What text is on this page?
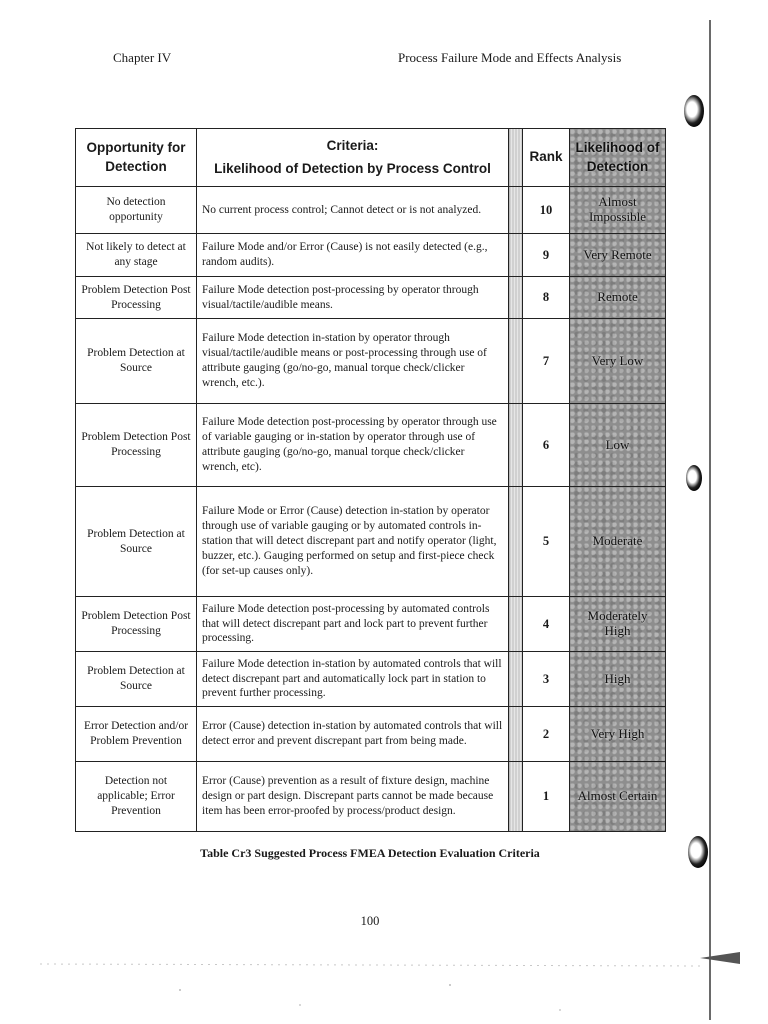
Chapter IV	Process Failure Mode and Effects Analysis
Opportunity for Detection	Criteria:
Likelihood of Detection by Process Control		Rank	Likelihood of Detection
No detection opportunity	No current process control; Cannot detect or is not analyzed.		10	Almost Impossible
Not likely to detect at any stage	Failure Mode and/or Error (Cause) is not easily detected (e.g., random audits).		9	Very Remote
Problem Detection Post Processing	Failure Mode detection post-processing by operator through visual/tactile/audible means.		8	Remote
Problem Detection at Source	Failure Mode detection in-station by operator through visual/tactile/audible means or post-processing through use of attribute gauging (go/no-go, manual torque check/clicker wrench, etc.).		7	Very Low
Problem Detection Post Processing	Failure Mode detection post-processing by operator through use of variable gauging or in-station by operator through use of attribute gauging (go/no-go, manual torque check/clicker wrench, etc).		6	Low
Problem Detection at Source	Failure Mode or Error (Cause) detection in-station by operator through use of variable gauging or by automated controls in-station that will detect discrepant part and notify operator (light, buzzer, etc.). Gauging performed on setup and first-piece check (for set-up causes only).		5	Moderate
Problem Detection Post Processing	Failure Mode detection post-processing by automated controls that will detect discrepant part and lock part to prevent further processing.		4	Moderately High
Problem Detection at Source	Failure Mode detection in-station by automated controls that will detect discrepant part and automatically lock part in station to prevent further processing.		3	High
Error Detection and/or Problem Prevention	Error (Cause) detection in-station by automated controls that will detect error and prevent discrepant part from being made.		2	Very High
Detection not applicable; Error Prevention	Error (Cause) prevention as a result of fixture design, machine design or part design. Discrepant parts cannot be made because item has been error-proofed by process/product design.		1	Almost Certain
Table Cr3 Suggested Process FMEA Detection Evaluation Criteria
100
